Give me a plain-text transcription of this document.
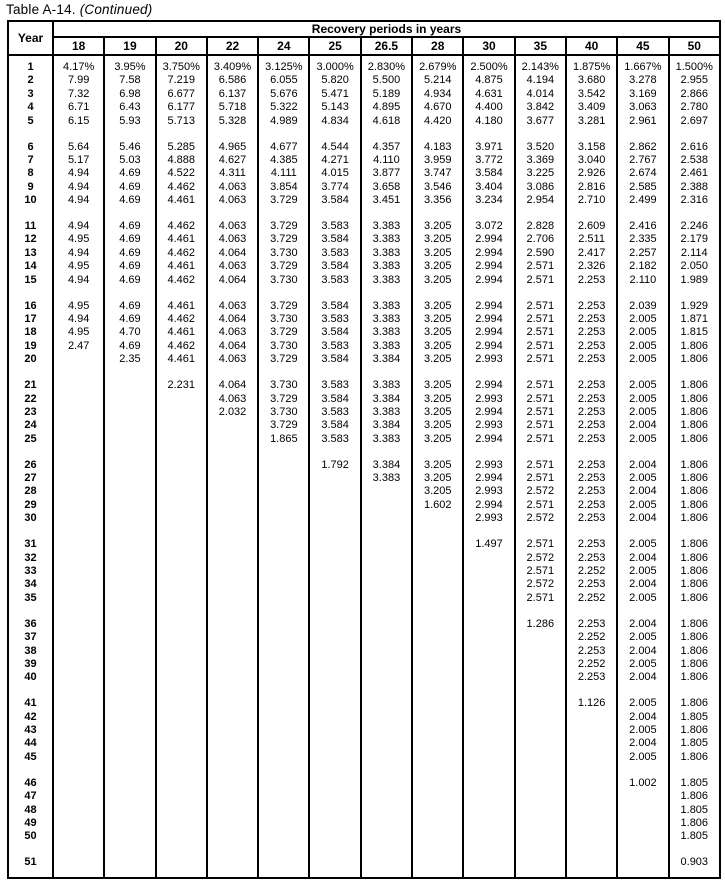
Table A-14. (Continued)
Year	Recovery periods in years												
	18	19	20	22	24	25	26.5	28	30	35	40	45	50

1	4.17%	3.95%	3.750%	3.409%	3.125%	3.000%	2.830%	2.679%	2.500%	2.143%	1.875%	1.667%	1.500%
2	7.99	7.58	7.219	6.586	6.055	5.820	5.500	5.214	4.875	4.194	3.680	3.278	2.955
3	7.32	6.98	6.677	6.137	5.676	5.471	5.189	4.934	4.631	4.014	3.542	3.169	2.866
4	6.71	6.43	6.177	5.718	5.322	5.143	4.895	4.670	4.400	3.842	3.409	3.063	2.780
5	6.15	5.93	5.713	5.328	4.989	4.834	4.618	4.420	4.180	3.677	3.281	2.961	2.697

6	5.64	5.46	5.285	4.965	4.677	4.544	4.357	4.183	3.971	3.520	3.158	2.862	2.616
7	5.17	5.03	4.888	4.627	4.385	4.271	4.110	3.959	3.772	3.369	3.040	2.767	2.538
8	4.94	4.69	4.522	4.311	4.111	4.015	3.877	3.747	3.584	3.225	2.926	2.674	2.461
9	4.94	4.69	4.462	4.063	3.854	3.774	3.658	3.546	3.404	3.086	2.816	2.585	2.388
10	4.94	4.69	4.461	4.063	3.729	3.584	3.451	3.356	3.234	2.954	2.710	2.499	2.316

11	4.94	4.69	4.462	4.063	3.729	3.583	3.383	3.205	3.072	2.828	2.609	2.416	2.246
12	4.95	4.69	4.461	4.063	3.729	3.584	3.383	3.205	2.994	2.706	2.511	2.335	2.179
13	4.94	4.69	4.462	4.064	3.730	3.583	3.383	3.205	2.994	2.590	2.417	2.257	2.114
14	4.95	4.69	4.461	4.063	3.729	3.584	3.383	3.205	2.994	2.571	2.326	2.182	2.050
15	4.94	4.69	4.462	4.064	3.730	3.583	3.383	3.205	2.994	2.571	2.253	2.110	1.989

16	4.95	4.69	4.461	4.063	3.729	3.584	3.383	3.205	2.994	2.571	2.253	2.039	1.929
17	4.94	4.69	4.462	4.064	3.730	3.583	3.383	3.205	2.994	2.571	2.253	2.005	1.871
18	4.95	4.70	4.461	4.063	3.729	3.584	3.383	3.205	2.994	2.571	2.253	2.005	1.815
19	2.47	4.69	4.462	4.064	3.730	3.583	3.383	3.205	2.994	2.571	2.253	2.005	1.806
20		2.35	4.461	4.063	3.729	3.584	3.384	3.205	2.993	2.571	2.253	2.005	1.806

21			2.231	4.064	3.730	3.583	3.383	3.205	2.994	2.571	2.253	2.005	1.806
22				4.063	3.729	3.584	3.384	3.205	2.993	2.571	2.253	2.005	1.806
23				2.032	3.730	3.583	3.383	3.205	2.994	2.571	2.253	2.005	1.806
24					3.729	3.584	3.384	3.205	2.993	2.571	2.253	2.004	1.806
25					1.865	3.583	3.383	3.205	2.994	2.571	2.253	2.005	1.806

26						1.792	3.384	3.205	2.993	2.571	2.253	2.004	1.806
27							3.383	3.205	2.994	2.571	2.253	2.005	1.806
28								3.205	2.993	2.572	2.253	2.004	1.806
29								1.602	2.994	2.571	2.253	2.005	1.806
30									2.993	2.572	2.253	2.004	1.806

31									1.497	2.571	2.253	2.005	1.806
32										2.572	2.253	2.004	1.806
33										2.571	2.252	2.005	1.806
34										2.572	2.253	2.004	1.806
35										2.571	2.252	2.005	1.806

36										1.286	2.253	2.004	1.806
37											2.252	2.005	1.806
38											2.253	2.004	1.806
39											2.252	2.005	1.806
40											2.253	2.004	1.806

41											1.126	2.005	1.806
42												2.004	1.805
43												2.005	1.806
44												2.004	1.805
45												2.005	1.806

46												1.002	1.805
47													1.806
48													1.805
49													1.806
50													1.805

51													0.903
